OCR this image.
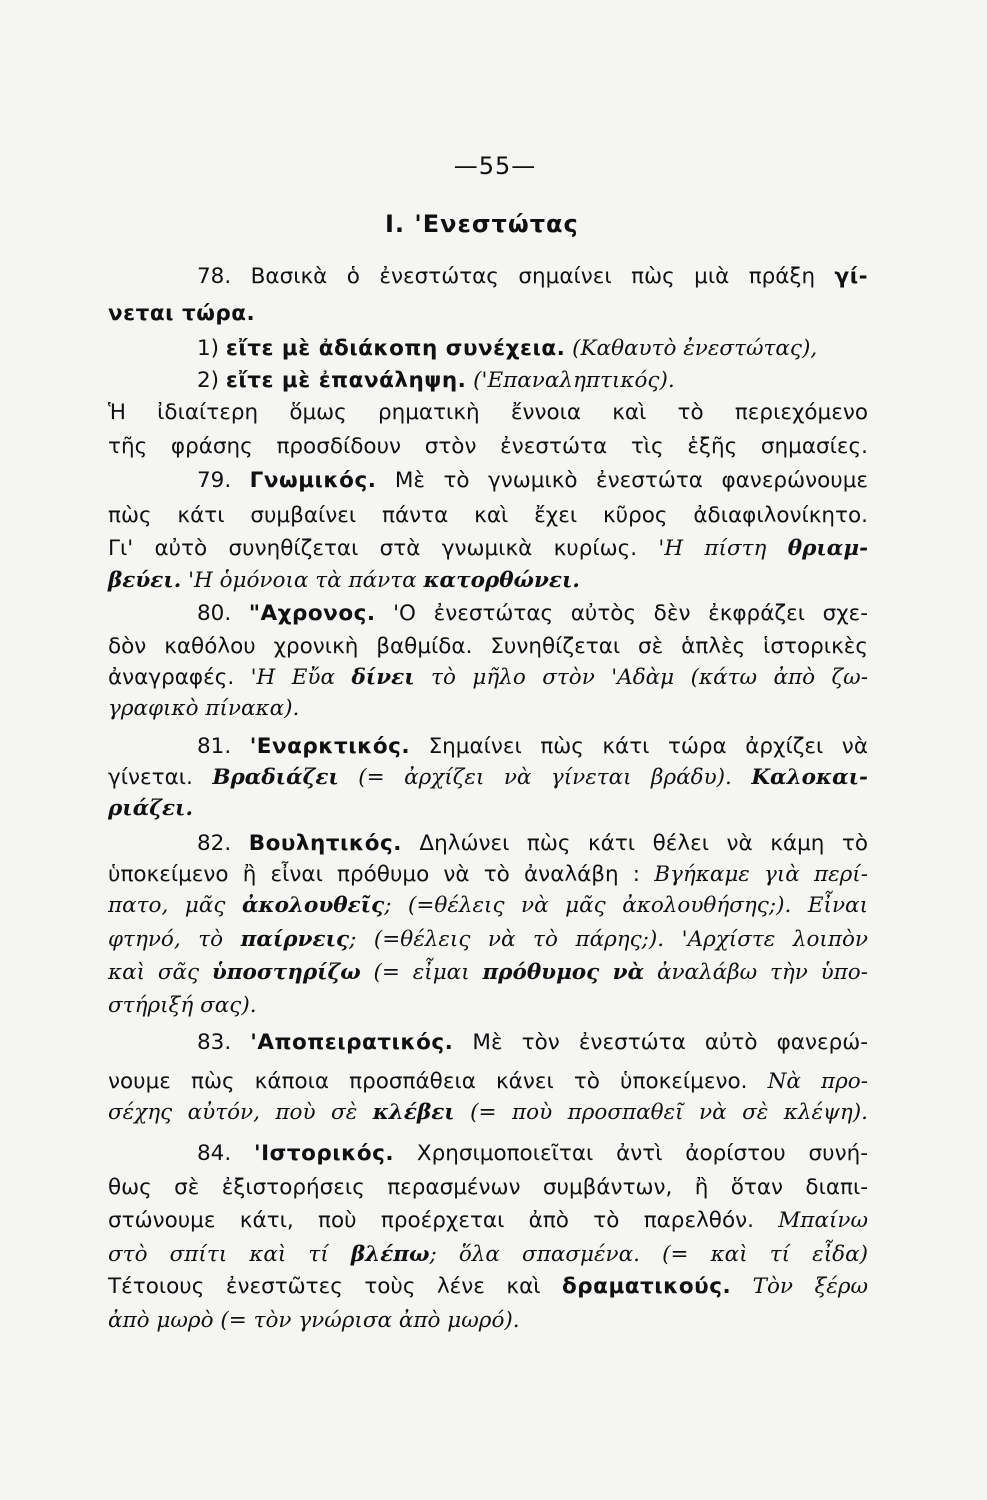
—55—
I. 'Ενεστώτας
78. Βασικὰ ὁ ἐνεστώτας σημαίνει πὼς μιὰ πράξη γί-
νεται τώρα.
1) εἴτε μὲ ἀδιάκοπη συνέχεια. (Καθαυτὸ ἐνεστώτας),
2) εἴτε μὲ ἐπανάληψη. ('Επαναληπτικός).
Ἡ ἰδιαίτερη ὅμως ρηματικὴ ἔννοια καὶ τὸ περιεχόμενο
τῆς φράσης προσδίδουν στὸν ἐνεστώτα τὶς ἑξῆς σημασίες.
79. Γνωμικός. Μὲ τὸ γνωμικὸ ἐνεστώτα φανερώνουμε
πὼς κάτι συμβαίνει πάντα καὶ ἔχει κῦρος ἀδιαφιλονίκητο.
Γι' αὐτὸ συνηθίζεται στὰ γνωμικὰ κυρίως. 'Η πίστη θριαμ-
βεύει. 'Η ὁμόνοια τὰ πάντα κατορθώνει.
80. "Αχρονος. 'Ο ἐνεστώτας αὐτὸς δὲν ἐκφράζει σχε-
δὸν καθόλου χρονικὴ βαθμίδα. Συνηθίζεται σὲ ἁπλὲς ἱστορικὲς
ἀναγραφές. 'Η Εὔα δίνει τὸ μῆλο στὸν 'Αδὰμ (κάτω ἀπὸ ζω-
γραφικὸ πίνακα).
81. 'Εναρκτικός. Σημαίνει πὼς κάτι τώρα ἀρχίζει νὰ
γίνεται. Βραδιάζει (= ἀρχίζει νὰ γίνεται βράδυ). Καλοκαι-
ριάζει.
82. Βουλητικός. Δηλώνει πὼς κάτι θέλει νὰ κάμη τὸ
ὑποκείμενο ἢ εἶναι πρόθυμο νὰ τὸ ἀναλάβη : Βγήκαμε γιὰ περί-
πατο, μᾶς ἀκολουθεῖς; (=θέλεις νὰ μᾶς ἀκολουθήσης;). Εἶναι
φτηνό, τὸ παίρνεις; (=θέλεις νὰ τὸ πάρης;). 'Αρχίστε λοιπὸν
καὶ σᾶς ὑποστηρίζω (= εἶμαι πρόθυμος νὰ ἀναλάβω τὴν ὑπο-
στήριξή σας).
83. 'Αποπειρατικός. Μὲ τὸν ἐνεστώτα αὐτὸ φανερώ-
νουμε πὼς κάποια προσπάθεια κάνει τὸ ὑποκείμενο. Νὰ προ-
σέχης αὐτόν, ποὺ σὲ κλέβει (= ποὺ προσπαθεῖ νὰ σὲ κλέψη).
84. 'Ιστορικός. Χρησιμοποιεῖται ἀντὶ ἀορίστου συνή-
θως σὲ ἐξιστορήσεις περασμένων συμβάντων, ἢ ὅταν διαπι-
στώνουμε κάτι, ποὺ προέρχεται ἀπὸ τὸ παρελθόν. Μπαίνω
στὸ σπίτι καὶ τί βλέπω; ὅλα σπασμένα. (= καὶ τί εἶδα)
Τέτοιους ἐνεστῶτες τοὺς λένε καὶ δραματικούς. Τὸν ξέρω
ἀπὸ μωρὸ (= τὸν γνώρισα ἀπὸ μωρό).
